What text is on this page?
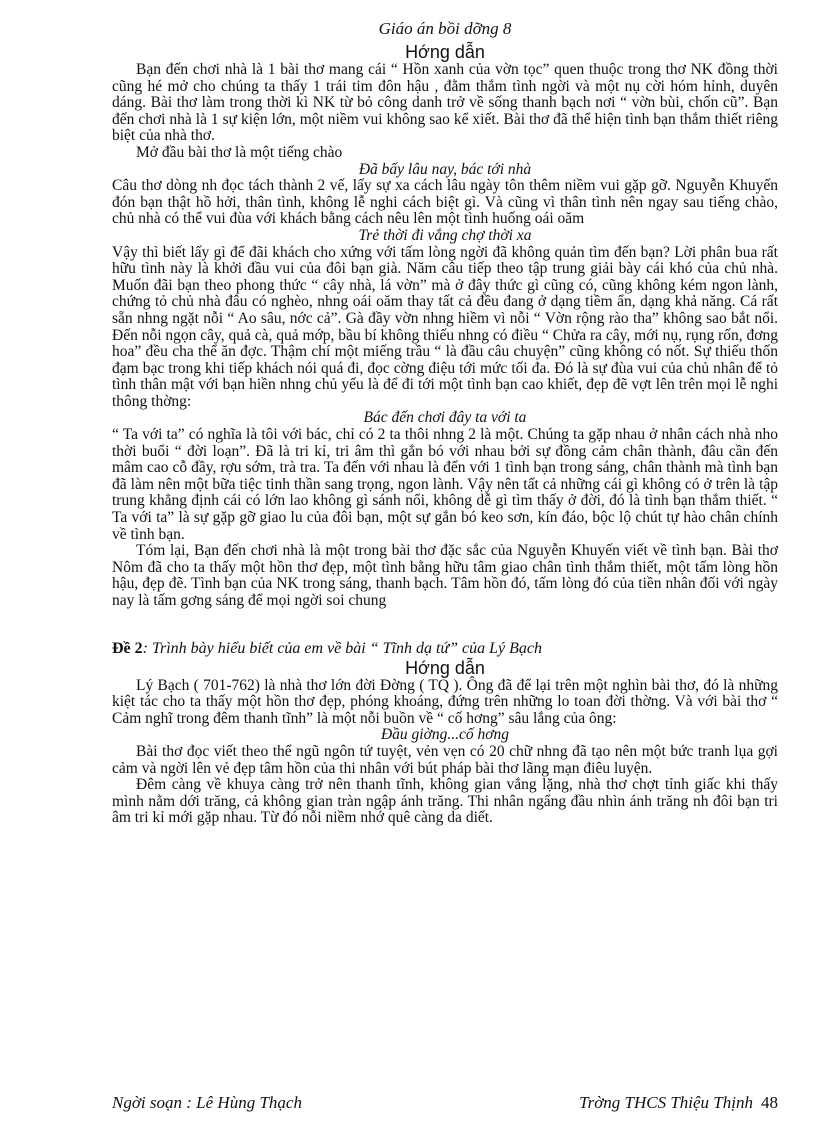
Giáo án bồi dỡng 8
Hớng dẫn

Bạn đến chơi nhà là 1 bài thơ mang cái “ Hồn xanh của vờn tọc” quen thuộc trong thơ NK đồng thời cũng hé mở cho chúng ta thấy 1 trái tim đôn hậu , đằm thắm tình ngời và một nụ cời hóm hỉnh, duyên dáng. Bài thơ làm trong thời kì NK từ bỏ công danh trở về sống thanh bạch nơi “ vờn bùi, chốn cũ”. Bạn đến chơi nhà là 1 sự kiện lớn, một niềm vui không sao kể xiết. Bài thơ đã thể hiện tình bạn thắm thiết riêng biệt của nhà thơ.

Mở đầu bài thơ là một tiếng chào

Đã bấy lâu nay, bác tới nhà

Câu thơ dòng nh đọc tách thành 2 vế, lấy sự xa cách lâu ngày tôn thêm niềm vui gặp gỡ. Nguyễn Khuyến đón bạn thật hồ hởi, thân tình, không lễ nghi cách biệt gì. Và cũng vì thân tình nên ngay sau tiếng chào, chủ nhà có thể vui đùa với khách bằng cách nêu lên một tình huống oái oăm

Trẻ thời đi vắng chợ thời xa

Vậy thì biết lấy gì để đãi khách cho xứng với tấm lòng ngời đã không quản tìm đến bạn? Lời phân bua rất hữu tình này là khởi đầu vui của đôi bạn già. Năm câu tiếp theo tập trung giải bày cái khó của chủ nhà. Muốn đãi bạn theo phong thức “ cây nhà, lá vờn” mà ở đây thức gì cũng có, cũng không kém ngon lành, chứng tỏ chủ nhà đâu có nghèo, nhng oái oăm thay tất cả đều đang ở dạng tiềm ẩn, dạng khả năng. Cá rất sẵn nhng ngặt nỗi “ Ao sâu, nớc cả”. Gà đầy vờn nhng hiềm vì nỗi “ Vờn rộng rào tha” không sao bắt nổi. Đến nỗi ngọn cây, quả cà, quả mớp, bầu bí không thiếu nhng có điều “ Chửa ra cây, mới nụ, rụng rốn, đơng hoa” đều cha thể ăn đợc. Thậm chí một miếng trầu “ là đầu câu chuyện” cũng không có nốt. Sự thiếu thốn đạm bạc trong khi tiếp khách nói quá đi, đọc cờng điệu tới mức tối đa. Đó là sự đùa vui của chủ nhân để tỏ tình thân mật với bạn hiền nhng chủ yếu là để đi tới một tình bạn cao khiết, đẹp đẽ vợt lên trên mọi lễ nghi thông thờng:

Bác đến chơi đây ta với ta

“ Ta với ta” có nghĩa là tôi với bác, chỉ có 2 ta thôi nhng 2 là một. Chúng ta gặp nhau ở nhân cách nhà nho thời buổi “ đời loạn”. Đã là tri kỉ, tri âm thì gắn bó với nhau bởi sự đồng cảm chân thành, đâu cần đến mâm cao cỗ đầy, rợu sớm, trà tra. Ta đến với nhau là đến với 1 tình bạn trong sáng, chân thành mà tình bạn đã làm nên một bữa tiệc tinh thần sang trọng, ngon lành. Vậy nên tất cả những cái gì không có ở trên là tập trung khẳng định cái có lớn lao không gì sánh nổi, không dễ gì tìm thấy ở đời, đó là tình bạn thắm thiết. “ Ta với ta” là sự gặp gỡ giao lu của đôi bạn, một sự gắn bó keo sơn, kín đáo, bộc lộ chút tự hào chân chính về tình bạn.

Tóm lại, Bạn đến chơi nhà là một trong bài thơ đặc sắc của Nguyễn Khuyến viết về tình bạn. Bài thơ Nôm đã cho ta thấy một hồn thơ đẹp, một tình bằng hữu tâm giao chân tình thắm thiết, một tấm lòng hồn hậu, đẹp đẽ. Tình bạn của NK trong sáng, thanh bạch. Tâm hồn đó, tấm lòng đó của tiền nhân đối với ngày nay là tấm gơng sáng để mọi ngời soi chung

Đề 2: Trình bày hiểu biết của em về bài “ Tĩnh dạ tứ” của Lý Bạch
Hớng dẫn

Lý Bạch ( 701-762) là nhà thơ lớn đời Đờng ( TQ ). Ông đã để lại trên một nghìn bài thơ, đó là những kiệt tác cho ta thấy một hồn thơ đẹp, phóng khoáng, đứng trên những lo toan đời thờng. Và với bài thơ “ Cảm nghĩ trong đêm thanh tĩnh” là một nỗi buồn về “ cố hơng” sâu lắng của ông:

Đầu giờng...cố hơng

Bài thơ đọc viết theo thể ngũ ngôn tứ tuyệt, vẻn vẹn có 20 chữ nhng đã tạo nên một bức tranh lụa gợi cảm và ngời lên vẻ đẹp tâm hồn của thi nhân với bút pháp bài thơ lãng mạn điêu luyện.

Đêm càng về khuya càng trở nên thanh tĩnh, không gian vắng lặng, nhà thơ chợt tỉnh giấc khi thấy mình nằm dới trăng, cả không gian tràn ngập ánh trăng. Thi nhân ngẩng đầu nhìn ánh trăng nh đôi bạn tri âm tri kỉ mới gặp nhau. Từ đó nỗi niềm nhớ quê càng da diết.

Ngời soạn : Lê Hùng Thạch	Trờng THCS Thiệu Thịnh 48
